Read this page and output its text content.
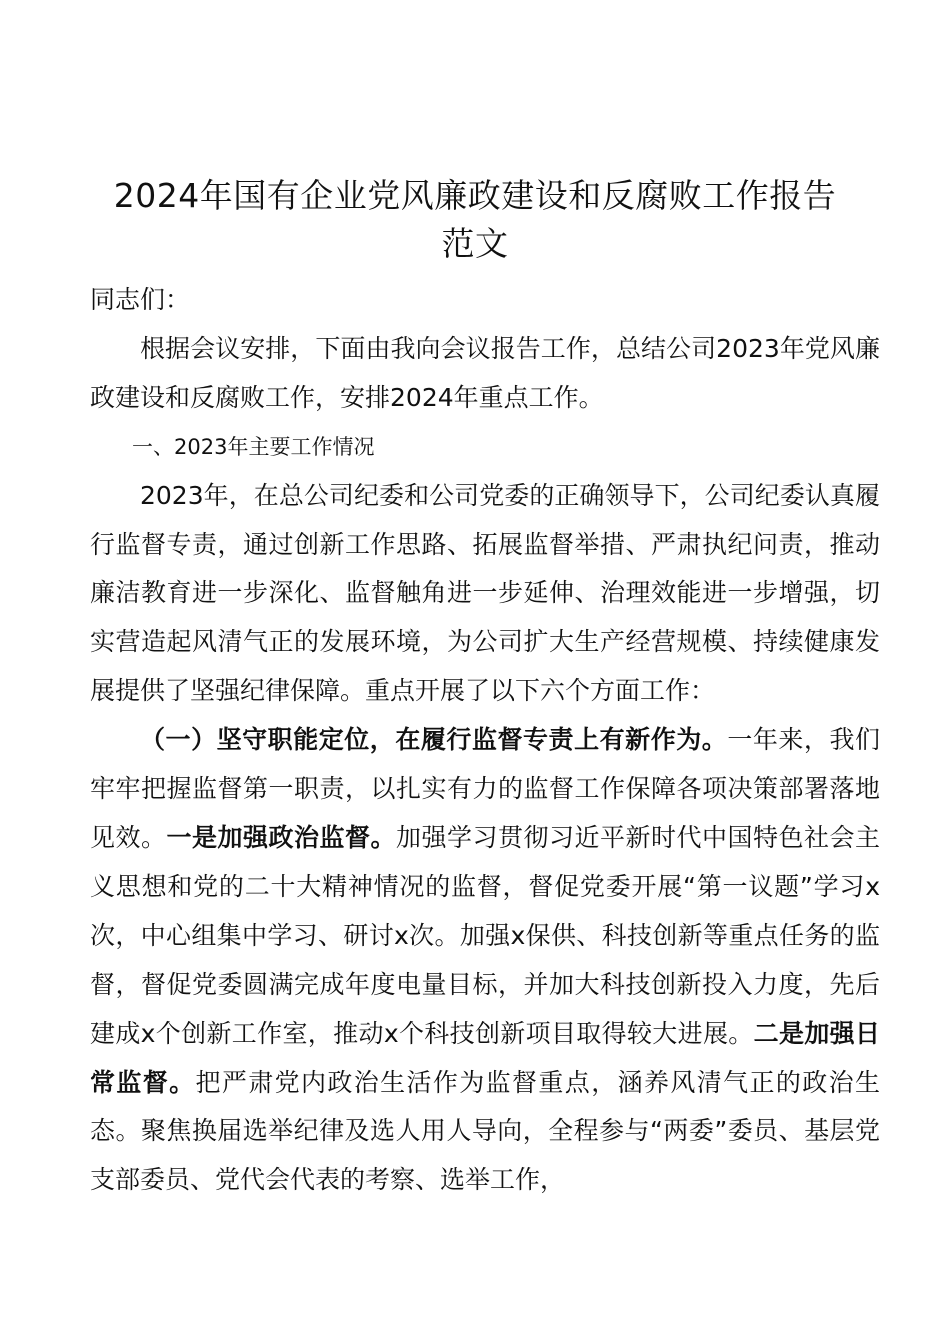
2024年国有企业党风廉政建设和反腐败工作报告
范文

同志们：

根据会议安排，下面由我向会议报告工作，总结公司2023年党风廉政建设和反腐败工作，安排2024年重点工作。

一、2023年主要工作情况

2023年，在总公司纪委和公司党委的正确领导下，公司纪委认真履行监督专责，通过创新工作思路、拓展监督举措、严肃执纪问责，推动廉洁教育进一步深化、监督触角进一步延伸、治理效能进一步增强，切实营造起风清气正的发展环境，为公司扩大生产经营规模、持续健康发展提供了坚强纪律保障。重点开展了以下六个方面工作：

（一）坚守职能定位，在履行监督专责上有新作为。一年来，我们牢牢把握监督第一职责，以扎实有力的监督工作保障各项决策部署落地见效。一是加强政治监督。加强学习贯彻习近平新时代中国特色社会主义思想和党的二十大精神情况的监督，督促党委开展“第一议题”学习x次，中心组集中学习、研讨x次。加强x保供、科技创新等重点任务的监督，督促党委圆满完成年度电量目标，并加大科技创新投入力度，先后建成x个创新工作室，推动x个科技创新项目取得较大进展。二是加强日常监督。把严肃党内政治生活作为监督重点，涵养风清气正的政治生态。聚焦换届选举纪律及选人用人导向，全程参与“两委”委员、基层党支部委员、党代会代表的考察、选举工作，
